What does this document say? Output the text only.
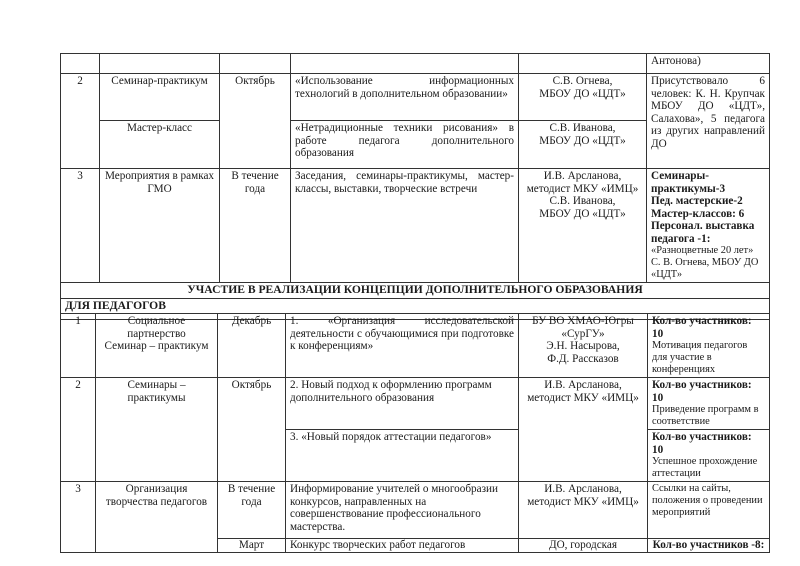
					Антонова)
2	Семинар-практикум	Октябрь	«Использование информационных технологий в дополнительном образовании»	С.В. Огнева,
МБОУ ДО «ЦДТ»	Присутствовало 6 человек: К. Н. Крупчак МБОУ ДО «ЦДТ», Салахова», 5 педагога из других направлений ДО
	Мастер-класс		«Нетрадиционные техники рисования» в работе педагога дополнительного образования	С.В. Иванова,
МБОУ ДО «ЦДТ»	

3	Мероприятия в рамках ГМО	В течение
года	Заседания, семинары-практикумы, мастер-классы, выставки, творческие встречи	И.В. Арсланова,
методист МКУ «ИМЦ»
С.В. Иванова,
МБОУ ДО «ЦДТ»	Семинары-практикумы-3
Пед. мастерские-2
Мастер-классов: 6
Персонал. выставка педагога -1:
«Разноцветные 20 лет» С. В. Огнева, МБОУ ДО «ЦДТ»

УЧАСТИЕ В РЕАЛИЗАЦИИ КОНЦЕПЦИИ ДОПОЛНИТЕЛЬНОГО ОБРАЗОВАНИЯ					
ДЛЯ ПЕДАГОГОВ					
1	Социальное
партнерство
Семинар – практикум	Декабрь	1. «Организация исследовательской деятельности с обучающимися при подготовке к конференциям»	БУ ВО ХМАО-Югры
«СурГУ»
Э.Н. Насырова,
Ф.Д. Рассказов	Кол-во участников: 10
Мотивация педагогов для участие в конференциях

2	Семинары –
практикумы	Октябрь	2. Новый подход к оформлению программ дополнительного образования	И.В. Арсланова,
методист МКУ «ИМЦ»	Кол-во участников: 10
Приведение программ в соответствие

			3. «Новый порядок аттестации педагогов»		Кол-во участников: 10
Успешное прохождение аттестации

3	Организация
творчества педагогов	В течение
года	Информирование учителей о многообразии конкурсов, направленных на совершенствование профессионального мастерства.	И.В. Арсланова,
методист МКУ «ИМЦ»	Ссылки на сайты, положения о проведении мероприятий
		Март	Конкурс творческих работ педагогов	ДО, городская	Кол-во участников -8:
